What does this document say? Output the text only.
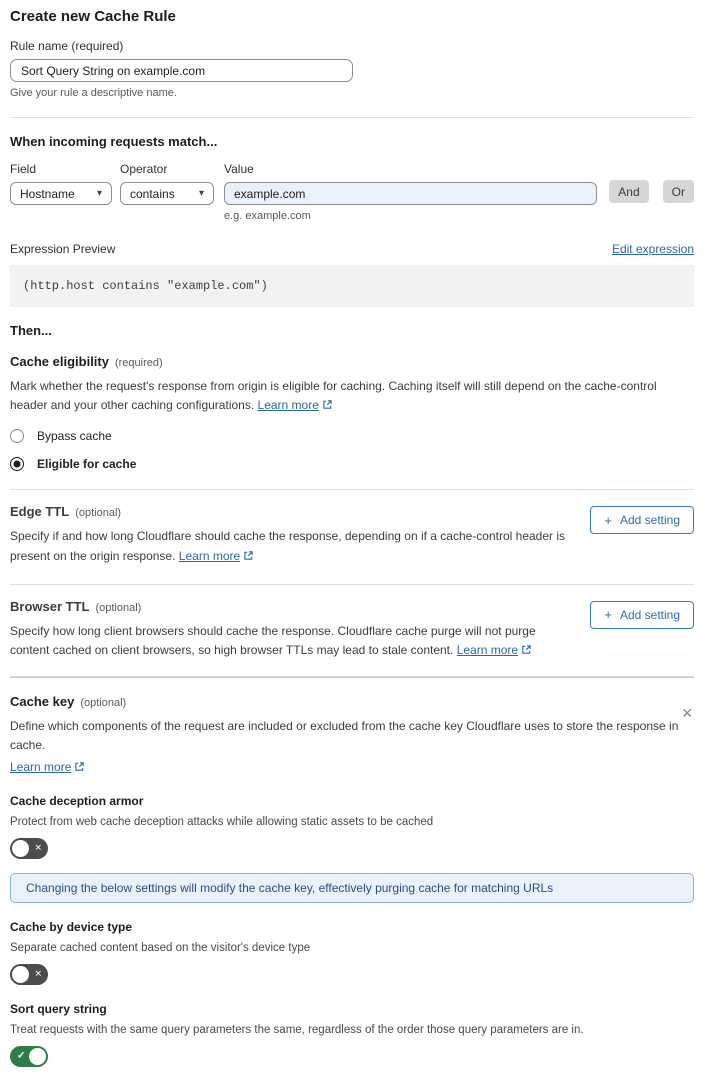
Create new Cache Rule
Rule name (required)
Sort Query String on example.com
Give your rule a descriptive name.
When incoming requests match...
Field
Hostname ▾
Operator
contains ▾
Value
example.com
e.g. example.com
And	Or
Expression Preview	Edit expression
(http.host contains "example.com")
Then...
Cache eligibility (required)
Mark whether the request's response from origin is eligible for caching. Caching itself will still depend on the cache-control header and your other caching configurations. Learn more
Bypass cache
Eligible for cache
Edge TTL (optional)
Specify if and how long Cloudflare should cache the response, depending on if a cache-control header is present on the origin response. Learn more
+ Add setting
Browser TTL (optional)
Specify how long client browsers should cache the response. Cloudflare cache purge will not purge content cached on client browsers, so high browser TTLs may lead to stale content. Learn more
+ Add setting
✕
Cache key (optional)
Define which components of the request are included or excluded from the cache key Cloudflare uses to store the response in cache.
Learn more
Cache deception armor
Protect from web cache deception attacks while allowing static assets to be cached
✕
Changing the below settings will modify the cache key, effectively purging cache for matching URLs
Cache by device type
Separate cached content based on the visitor's device type
✕
Sort query string
Treat requests with the same query parameters the same, regardless of the order those query parameters are in.
✓
